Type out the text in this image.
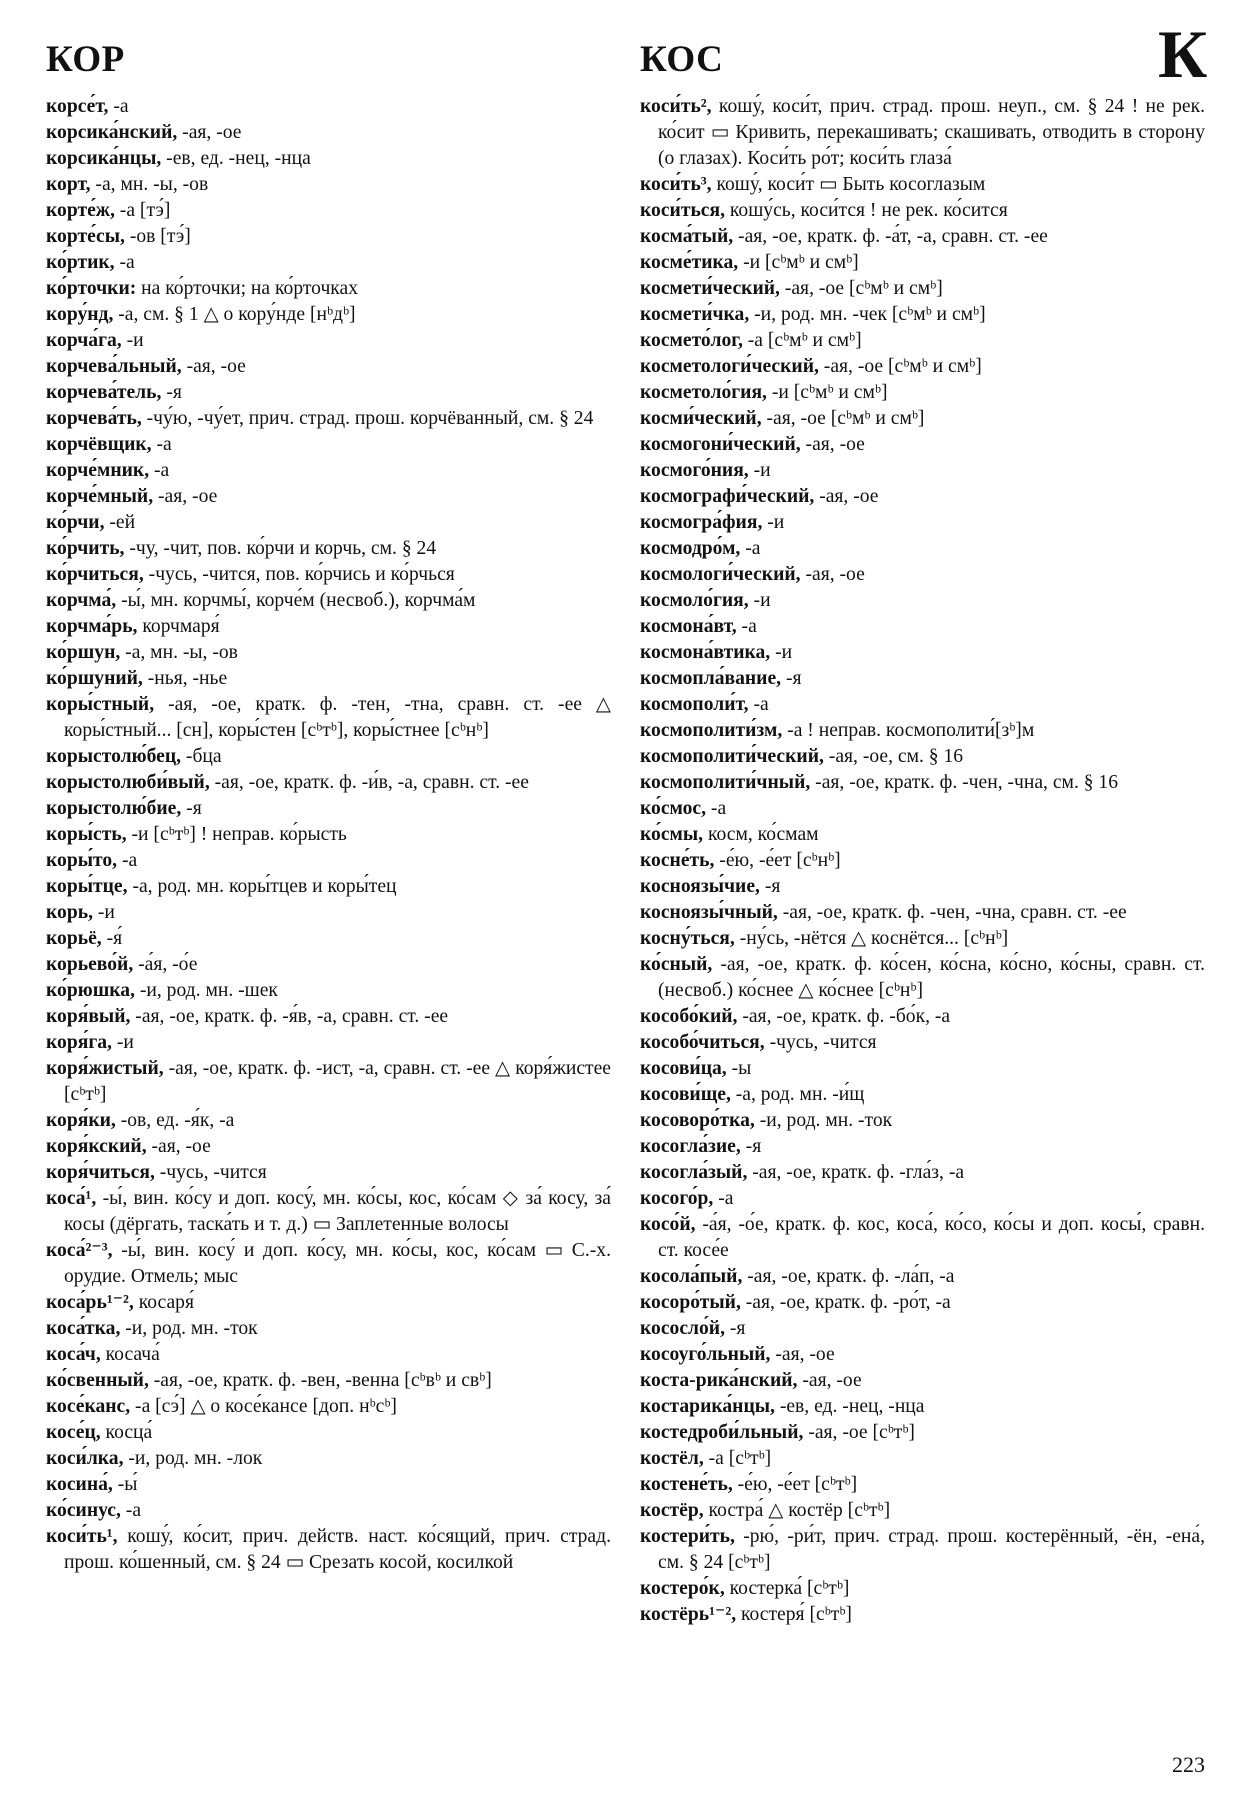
КОР	КОС	К

корсе́т, -а

корсика́нский, -ая, -ое

корсика́нцы, -ев, ед. -нец, -нца

корт, -а, мн. -ы, -ов

корте́ж, -а [тэ́]

корте́сы, -ов [тэ́]

ко́ртик, -а

ко́рточки: на ко́рточки; на ко́рточках

кору́нд, -а, см. § 1 △ о кору́нде [нᵇдᵇ]

корча́га, -и

корчева́льный, -ая, -ое

корчева́тель, -я

корчева́ть, -чу́ю, -чу́ет, прич. страд. прош. корчёванный, см. § 24

корчёвщик, -а

корче́мник, -а

корче́мный, -ая, -ое

ко́рчи, -ей

ко́рчить, -чу, -чит, пов. ко́рчи и корчь, см. § 24

ко́рчиться, -чусь, -чится, пов. ко́рчись и ко́рчься

корчма́, -ы́, мн. корчмы́, корче́м (несвоб.), корчма́м

корчма́рь, корчмаря́

ко́ршун, -а, мн. -ы, -ов

ко́ршуний, -нья, -нье

коры́стный, -ая, -ое, кратк. ф. -тен, -тна, сравн. ст. -ее △ коры́стный... [сн], коры́стен [сᵇтᵇ], коры́стнее [сᵇнᵇ]

корыстолю́бец, -бца

корыстолюби́вый, -ая, -ое, кратк. ф. -и́в, -а, сравн. ст. -ее

корыстолю́бие, -я

коры́сть, -и [сᵇтᵇ] ! неправ. ко́рысть

коры́то, -а

коры́тце, -а, род. мн. коры́тцев и коры́тец

корь, -и

корьё, -я́

корьево́й, -а́я, -о́е

ко́рюшка, -и, род. мн. -шек

коря́вый, -ая, -ое, кратк. ф. -я́в, -а, сравн. ст. -ее

коря́га, -и

коря́жистый, -ая, -ое, кратк. ф. -ист, -а, сравн. ст. -ее △ коря́жистее [сᵇтᵇ]

коря́ки, -ов, ед. -я́к, -а

коря́кский, -ая, -ое

коря́читься, -чусь, -чится

коса́¹, -ы́, вин. ко́су и доп. косу́, мн. ко́сы, кос, ко́сам ◇ за́ косу, за́ косы (дёргать, таска́ть и т. д.) ▭ Заплетенные волосы

коса́²⁻³, -ы́, вин. косу́ и доп. ко́су, мн. ко́сы, кос, ко́сам ▭ С.-х. орудие. Отмель; мыс

коса́рь¹⁻², косаря́

коса́тка, -и, род. мн. -ток

коса́ч, косача́

ко́свенный, -ая, -ое, кратк. ф. -вен, -венна [сᵇвᵇ и свᵇ]

косе́канс, -а [сэ́] △ о косе́кансе [доп. нᵇсᵇ]

косе́ц, косца́

коси́лка, -и, род. мн. -лок

косина́, -ы́

ко́синус, -а

коси́ть¹, кошу́, ко́сит, прич. действ. наст. ко́сящий, прич. страд. прош. ко́шенный, см. § 24 ▭ Срезать косой, косилкой

коси́ть², кошу́, коси́т, прич. страд. прош. неуп., см. § 24 ! не рек. ко́сит ▭ Кривить, перекашивать; скашивать, отводить в сторону (о глазах). Коси́ть ро́т; коси́ть глаза́

коси́ть³, кошу́, коси́т ▭ Быть косоглазым

коси́ться, кошу́сь, коси́тся ! не рек. ко́сится

косма́тый, -ая, -ое, кратк. ф. -а́т, -а, сравн. ст. -ее

косме́тика, -и [сᵇмᵇ и смᵇ]

космети́ческий, -ая, -ое [сᵇмᵇ и смᵇ]

космети́чка, -и, род. мн. -чек [сᵇмᵇ и смᵇ]

космето́лог, -а [сᵇмᵇ и смᵇ]

косметологи́ческий, -ая, -ое [сᵇмᵇ и смᵇ]

косметоло́гия, -и [сᵇмᵇ и смᵇ]

косми́ческий, -ая, -ое [сᵇмᵇ и смᵇ]

космогони́ческий, -ая, -ое

космого́ния, -и

космографи́ческий, -ая, -ое

космогра́фия, -и

космодро́м, -а

космологи́ческий, -ая, -ое

космоло́гия, -и

космона́вт, -а

космона́втика, -и

космопла́вание, -я

космополи́т, -а

космополити́зм, -а ! неправ. космополити́[зᵇ]м

космополити́ческий, -ая, -ое, см. § 16

космополити́чный, -ая, -ое, кратк. ф. -чен, -чна, см. § 16

ко́смос, -а

ко́смы, косм, ко́смам

косне́ть, -е́ю, -е́ет [сᵇнᵇ]

косноязы́чие, -я

косноязы́чный, -ая, -ое, кратк. ф. -чен, -чна, сравн. ст. -ее

косну́ться, -ну́сь, -нётся △ коснётся... [сᵇнᵇ]

ко́сный, -ая, -ое, кратк. ф. ко́сен, ко́сна, ко́сно, ко́сны, сравн. ст. (несвоб.) ко́снее △ ко́снее [сᵇнᵇ]

кособо́кий, -ая, -ое, кратк. ф. -бо́к, -а

кособо́читься, -чусь, -чится

косови́ца, -ы

косови́ще, -а, род. мн. -и́щ

косоворо́тка, -и, род. мн. -ток

косогла́зие, -я

косогла́зый, -ая, -ое, кратк. ф. -гла́з, -а

косого́р, -а

косо́й, -а́я, -о́е, кратк. ф. кос, коса́, ко́со, ко́сы и доп. косы́, сравн. ст. косе́е

косола́пый, -ая, -ое, кратк. ф. -ла́п, -а

косоро́тый, -ая, -ое, кратк. ф. -ро́т, -а

кососло́й, -я

косоуго́льный, -ая, -ое

коста-рика́нский, -ая, -ое

костарика́нцы, -ев, ед. -нец, -нца

костедроби́льный, -ая, -ое [сᵇтᵇ]

костёл, -а [сᵇтᵇ]

костене́ть, -е́ю, -е́ет [сᵇтᵇ]

костёр, костра́ △ костёр [сᵇтᵇ]

костери́ть, -рю́, -ри́т, прич. страд. прош. костерённый, -ён, -ена́, см. § 24 [сᵇтᵇ]

костеро́к, костерка́ [сᵇтᵇ]

костёрь¹⁻², костеря́ [сᵇтᵇ]

223
